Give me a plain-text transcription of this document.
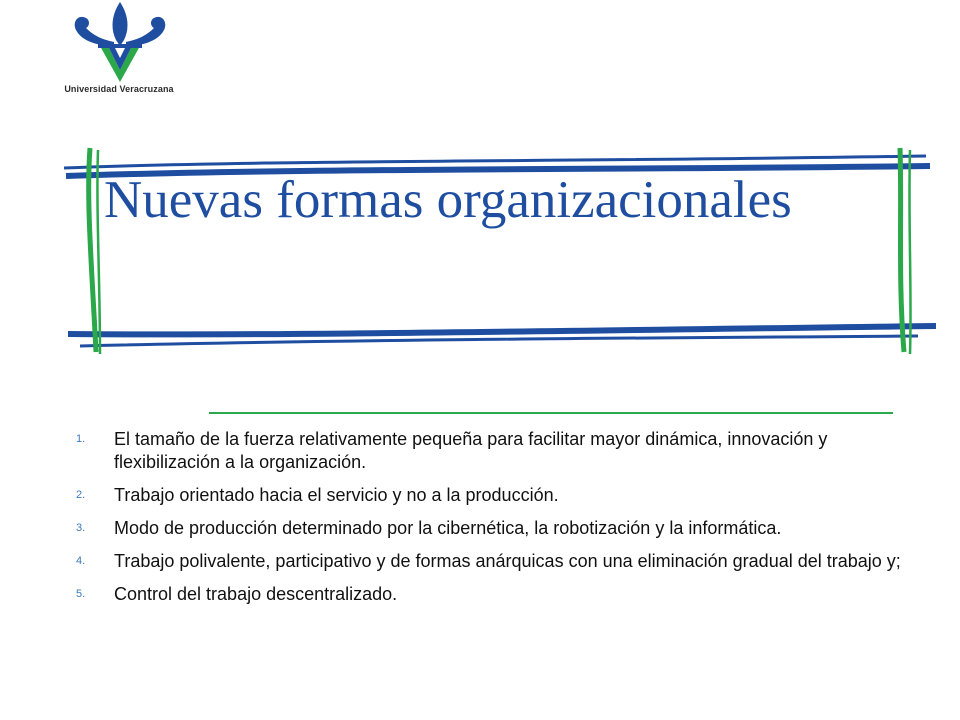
Universidad Veracruzana
Nuevas formas organizacionales
1. El tamaño de la fuerza relativamente pequeña para facilitar mayor dinámica, innovación y flexibilización a la organización.
2. Trabajo orientado hacia el servicio y no a la producción.
3. Modo de producción determinado por la cibernética, la robotización y la informática.
4. Trabajo polivalente, participativo y de formas anárquicas con una eliminación gradual del trabajo y;
5. Control del trabajo descentralizado.
